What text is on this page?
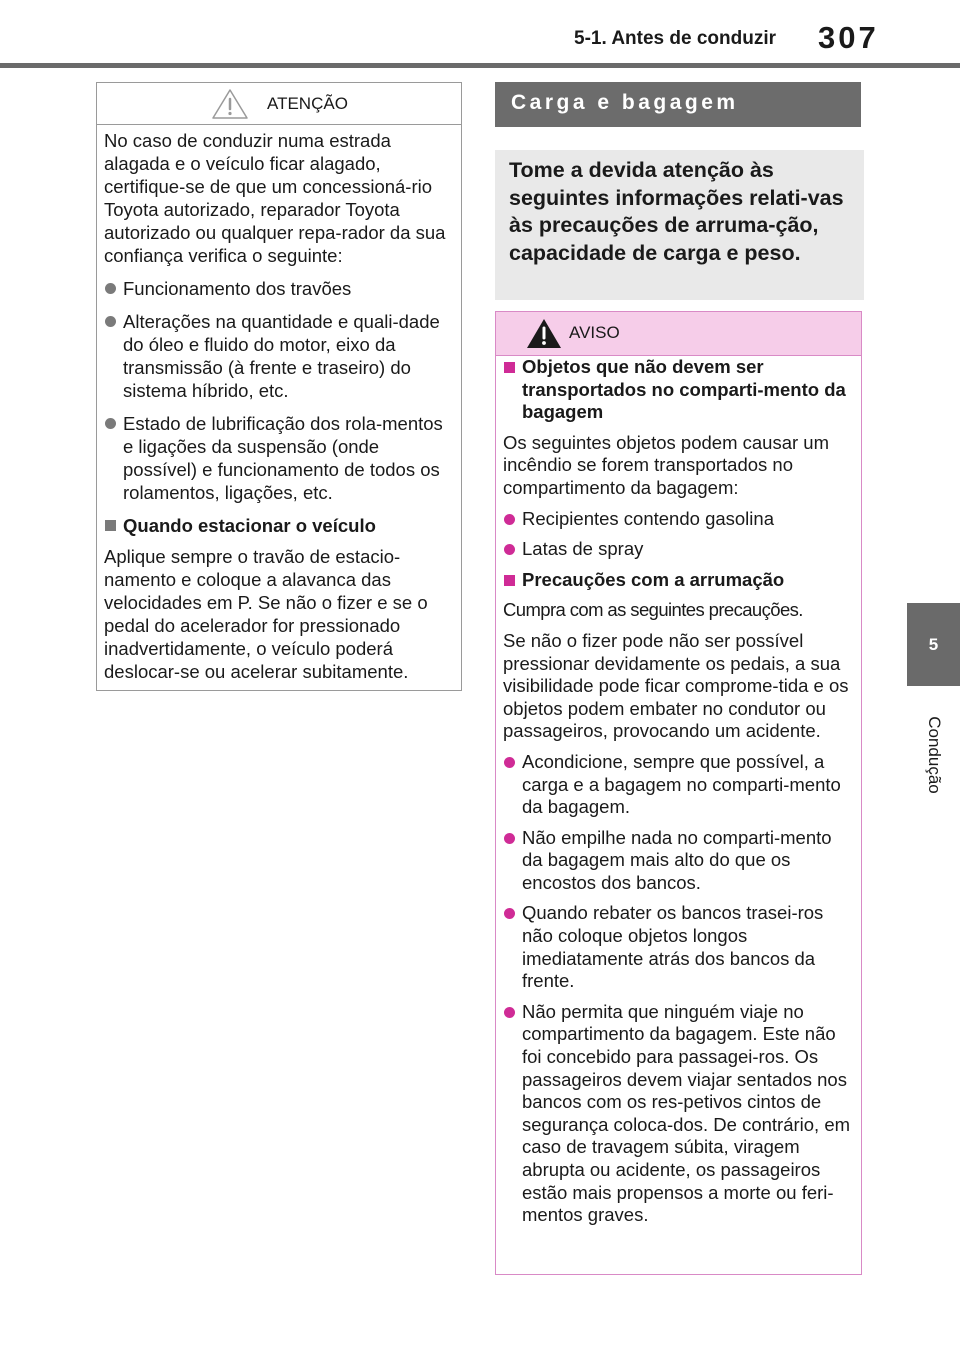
5-1. Antes de conduzir 307
5
Condução
ATENÇÃO

No caso de conduzir numa estrada alagada e o veículo ficar alagado, certifique-se de que um concessioná-rio Toyota autorizado, reparador Toyota autorizado ou qualquer repa-rador da sua confiança verifica o seguinte:

Funcionamento dos travões
Alterações na quantidade e quali-dade do óleo e fluido do motor, eixo da transmissão (à frente e traseiro) do sistema híbrido, etc.
Estado de lubrificação dos rola-mentos e ligações da suspensão (onde possível) e funcionamento de todos os rolamentos, ligações, etc.
Quando estacionar o veículo

Aplique sempre o travão de estacio-namento e coloque a alavanca das velocidades em P. Se não o fizer e se o pedal do acelerador for pressionado inadvertidamente, o veículo poderá deslocar-se ou acelerar subitamente.

Carga e bagagem
Tome a devida atenção às seguintes informações relati-vas às precauções de arruma-ção, capacidade de carga e peso.
AVISO
Objetos que não devem ser transportados no comparti-mento da bagagem

Os seguintes objetos podem causar um incêndio se forem transportados no compartimento da bagagem:

Recipientes contendo gasolina
Latas de spray
Precauções com a arrumação

Cumpra com as seguintes precauções.

Se não o fizer pode não ser possível pressionar devidamente os pedais, a sua visibilidade pode ficar comprome-tida e os objetos podem embater no condutor ou passageiros, provocando um acidente.

Acondicione, sempre que possível, a carga e a bagagem no comparti-mento da bagagem.
Não empilhe nada no comparti-mento da bagagem mais alto do que os encostos dos bancos.
Quando rebater os bancos trasei-ros não coloque objetos longos imediatamente atrás dos bancos da frente.
Não permita que ninguém viaje no compartimento da bagagem. Este não foi concebido para passagei-ros. Os passageiros devem viajar sentados nos bancos com os res-petivos cintos de segurança coloca-dos. De contrário, em caso de travagem súbita, viragem abrupta ou acidente, os passageiros estão mais propensos a morte ou feri-mentos graves.
